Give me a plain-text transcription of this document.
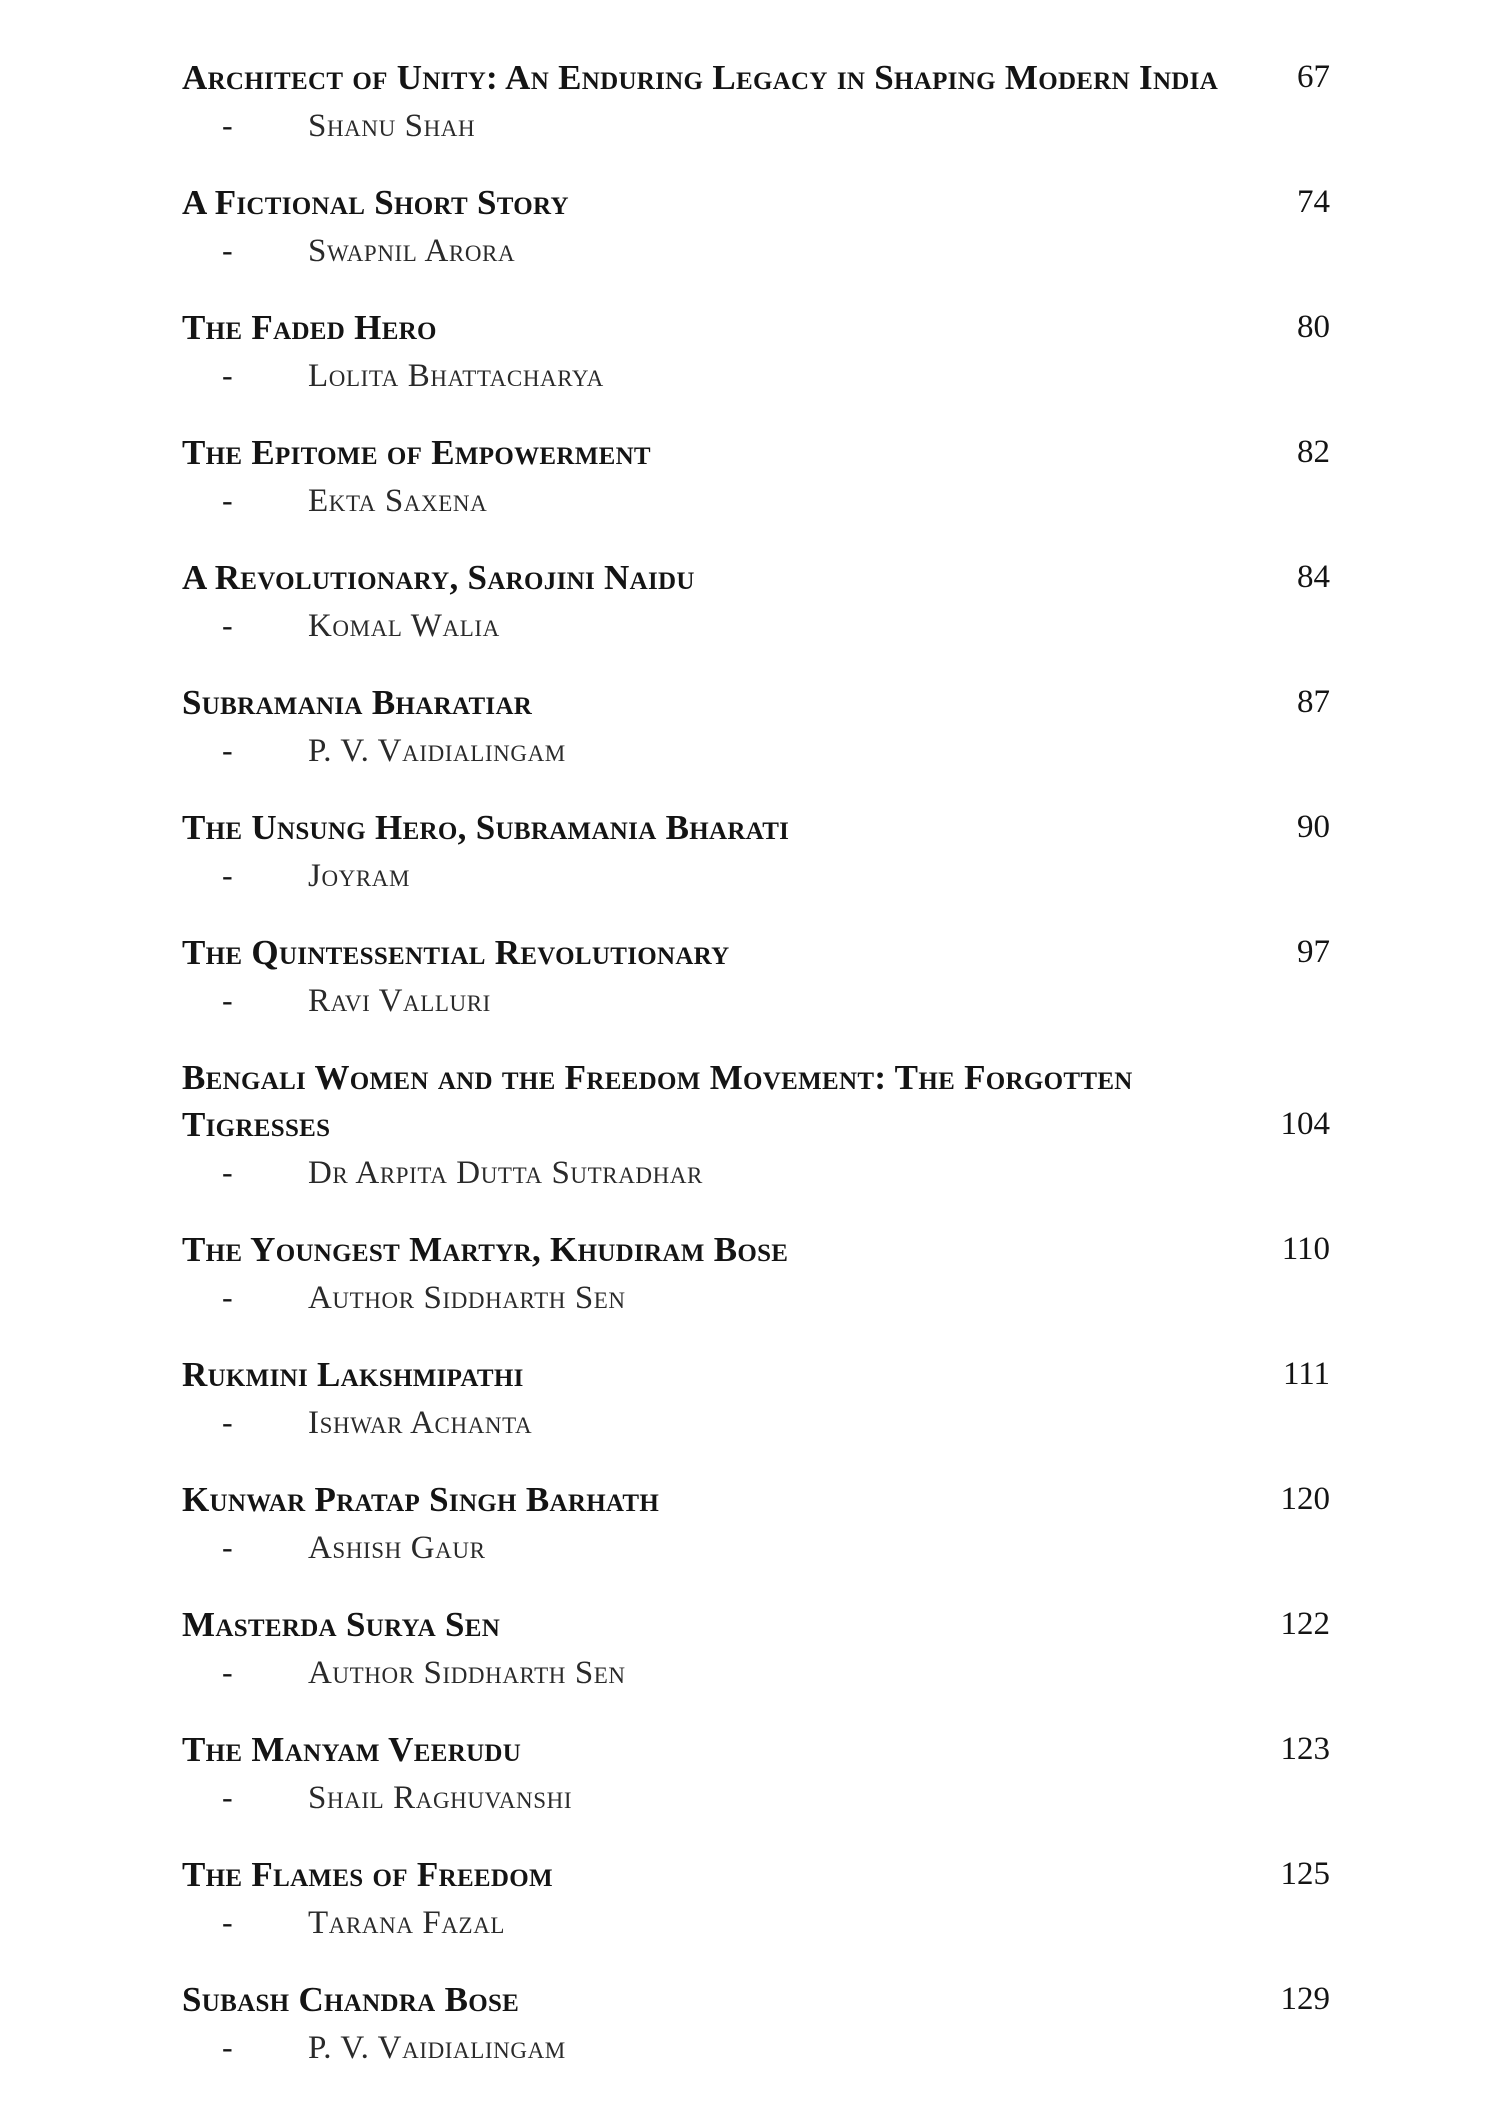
Architect of Unity: An Enduring Legacy in Shaping Modern India	67
-	Shanu Shah
A Fictional Short Story	74
-	Swapnil Arora
The Faded Hero	80
-	Lolita Bhattacharya
The Epitome of Empowerment	82
-	Ekta Saxena
A Revolutionary, Sarojini Naidu	84
-	Komal Walia
Subramania Bharatiar	87
-	P. V. Vaidialingam
The Unsung Hero, Subramania Bharati	90
-	Joyram
The Quintessential Revolutionary	97
-	Ravi Valluri
Bengali Women and the Freedom Movement: The Forgotten Tigresses	104
-	Dr Arpita Dutta Sutradhar
The Youngest Martyr, Khudiram Bose	110
-	Author Siddharth Sen
Rukmini Lakshmipathi	111
-	Ishwar Achanta
Kunwar Pratap Singh Barhath	120
-	Ashish Gaur
Masterda Surya Sen	122
-	Author Siddharth Sen
The Manyam Veerudu	123
-	Shail Raghuvanshi
The Flames of Freedom	125
-	Tarana Fazal
Subash Chandra Bose	129
-	P. V. Vaidialingam
